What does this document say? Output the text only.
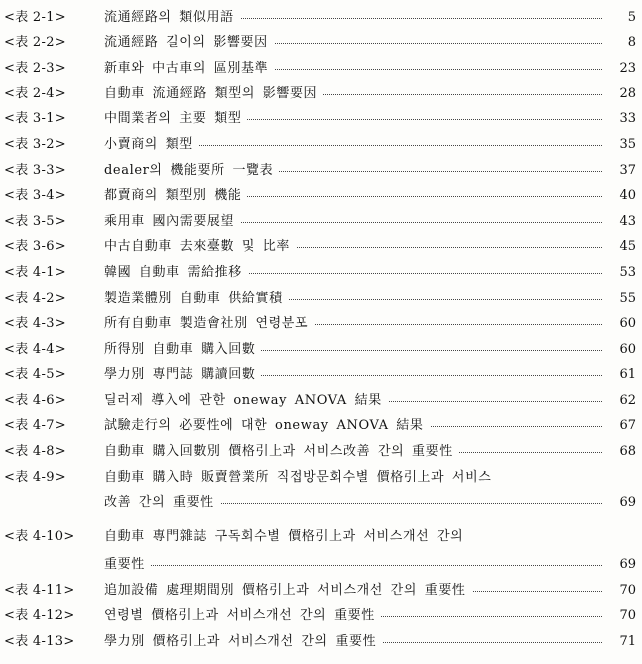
<表 2-1>	流通經路의 類似用語	5
<表 2-2>	流通經路 길이의 影響要因	8
<表 2-3>	新車와 中古車의 區別基準	23
<表 2-4>	自動車 流通經路 類型의 影響要因	28
<表 3-1>	中間業者의 主要 類型	33
<表 3-2>	小賣商의 類型	35
<表 3-3>	dealer의 機能要所 一覽表	37
<表 3-4>	都賣商의 類型別 機能	40
<表 3-5>	乘用車 國內需要展望	43
<表 3-6>	中古自動車 去來臺數 및 比率	45
<表 4-1>	韓國 自動車 需給推移	53
<表 4-2>	製造業體別 自動車 供給實積	55
<表 4-3>	所有自動車 製造會社別 연령분포	60
<表 4-4>	所得別 自動車 購入回數	60
<表 4-5>	學力別 專門誌 購讀回數	61
<表 4-6>	딜러제 導入에 관한 oneway ANOVA 結果	62
<表 4-7>	試驗走行의 必要性에 대한 oneway ANOVA 結果	67
<表 4-8>	自動車 購入回數別 價格引上과 서비스改善 간의 重要性	68
<表 4-9>	自動車 購入時 販賣營業所 직접방문회수별 價格引上과 서비스
改善 간의 重要性	69
<表 4-10> 自動車 專門雜誌 구독회수별 價格引上과 서비스개선 간의
重要性	69
<表 4-11> 追加設備 處理期間別 價格引上과 서비스개선 간의 重要性	70
<表 4-12> 연령별 價格引上과 서비스개선 간의 重要性	70
<表 4-13> 學力別 價格引上과 서비스개선 간의 重要性	71
